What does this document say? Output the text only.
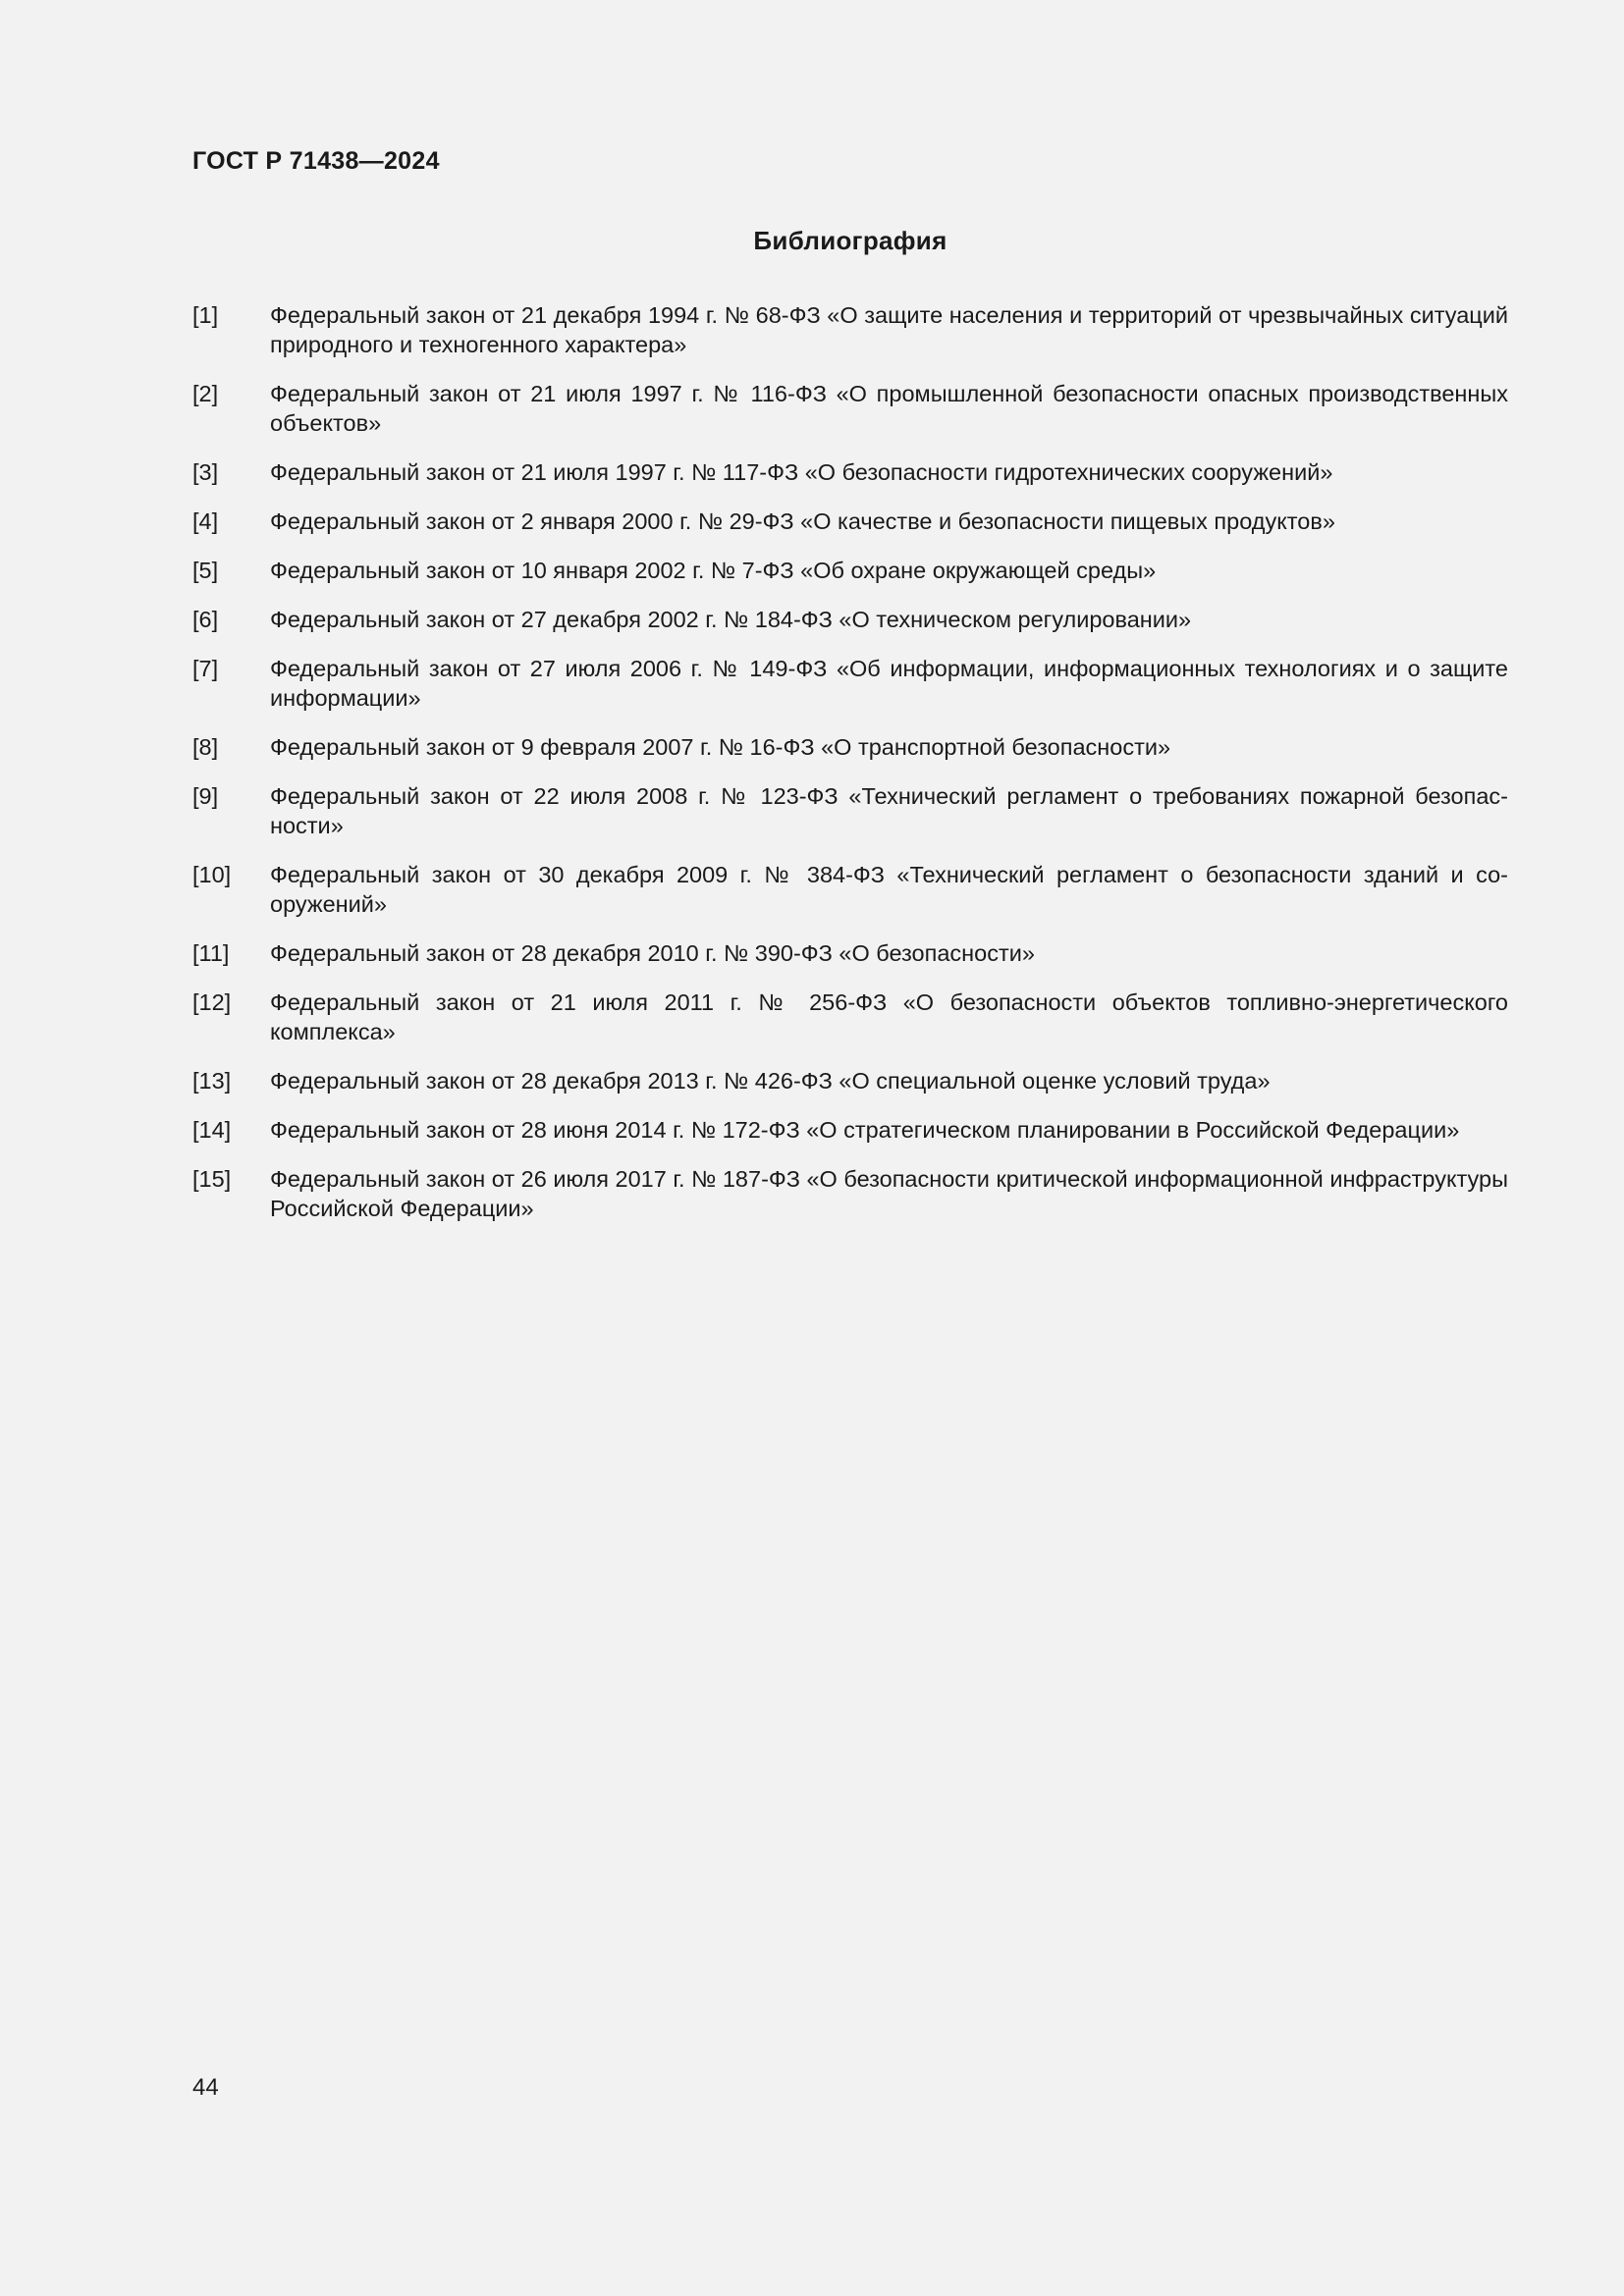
ГОСТ Р 71438—2024
Библиография
[1]	Федеральный закон от 21 декабря 1994 г. № 68-ФЗ «О защите населения и территорий от чрезвычайных ситуаций природного и техногенного характера»
[2]	Федеральный закон от 21 июля 1997 г. № 116-ФЗ «О промышленной безопасности опасных производственных объектов»
[3]	Федеральный закон от 21 июля 1997 г. № 117-ФЗ «О безопасности гидротехнических сооружений»
[4]	Федеральный закон от 2 января 2000 г. № 29-ФЗ «О качестве и безопасности пищевых продуктов»
[5]	Федеральный закон от 10 января 2002 г. № 7-ФЗ «Об охране окружающей среды»
[6]	Федеральный закон от 27 декабря 2002 г. № 184-ФЗ «О техническом регулировании»
[7]	Федеральный закон от 27 июля 2006 г. № 149-ФЗ «Об информации, информационных технологиях и о защите информации»
[8]	Федеральный закон от 9 февраля 2007 г. № 16-ФЗ «О транспортной безопасности»
[9]	Федеральный закон от 22 июля 2008 г. № 123-ФЗ «Технический регламент о требованиях пожарной безопасности»
[10]	Федеральный закон от 30 декабря 2009 г. № 384-ФЗ «Технический регламент о безопасности зданий и сооружений»
[11]	Федеральный закон от 28 декабря 2010 г. № 390-ФЗ «О безопасности»
[12]	Федеральный закон от 21 июля 2011 г. № 256-ФЗ «О безопасности объектов топливно-энергетического комплекса»
[13]	Федеральный закон от 28 декабря 2013 г. № 426-ФЗ «О специальной оценке условий труда»
[14]	Федеральный закон от 28 июня 2014 г. № 172-ФЗ «О стратегическом планировании в Российской Федерации»
[15]	Федеральный закон от 26 июля 2017 г. № 187-ФЗ «О безопасности критической информационной инфраструктуры Российской Федерации»
44
